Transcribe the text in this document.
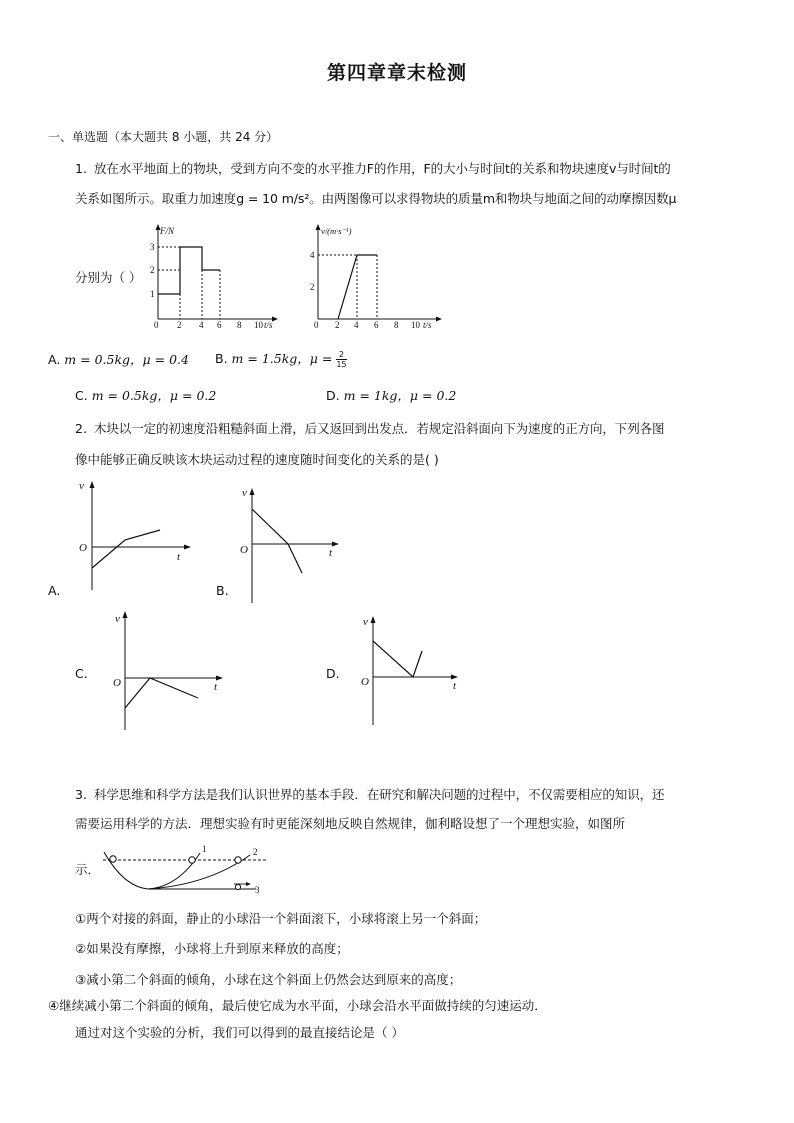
第四章章末检测
一、单选题（本大题共 8 小题，共 24 分）
1. 放在水平地面上的物块，受到方向不变的水平推力F的作用，F的大小与时间t的关系和物块速度v与时间t的
关系如图所示。取重力加速度g = 10 m/s²。由两图像可以求得物块的质量m和物块与地面之间的动摩擦因数μ
分别为（ ）
F/N
1
2
3
0 2 4 6 8 10 t/s
v/(m·s⁻¹)
2
4
0 2 4 6 8 10 t/s
A. m = 0.5kg，μ = 0.4 B. m = 1.5kg，$\mu = \frac{2}{15}$
C. m = 0.5kg，μ = 0.2	D. m = 1kg，μ = 0.2
2. 木块以一定的初速度沿粗糙斜面上滑，后又返回到出发点．若规定沿斜面向下为速度的正方向，下列各图
像中能够正确反映该木块运动过程的速度随时间变化的关系的是( )
v
O
t
A.
v
O	t
B.
v
O	t
C.
v
O	t
D.
3. 科学思维和科学方法是我们认识世界的基本手段．在研究和解决问题的过程中，不仅需要相应的知识，还
需要运用科学的方法．理想实验有时更能深刻地反映自然规律，伽利略设想了一个理想实验，如图所
示．
1	2
3
①两个对接的斜面，静止的小球沿一个斜面滚下，小球将滚上另一个斜面；
②如果没有摩擦，小球将上升到原来释放的高度；
③减小第二个斜面的倾角，小球在这个斜面上仍然会达到原来的高度；
④继续减小第二个斜面的倾角，最后使它成为水平面，小球会沿水平面做持续的匀速运动．
通过对这个实验的分析，我们可以得到的最直接结论是（ ）
